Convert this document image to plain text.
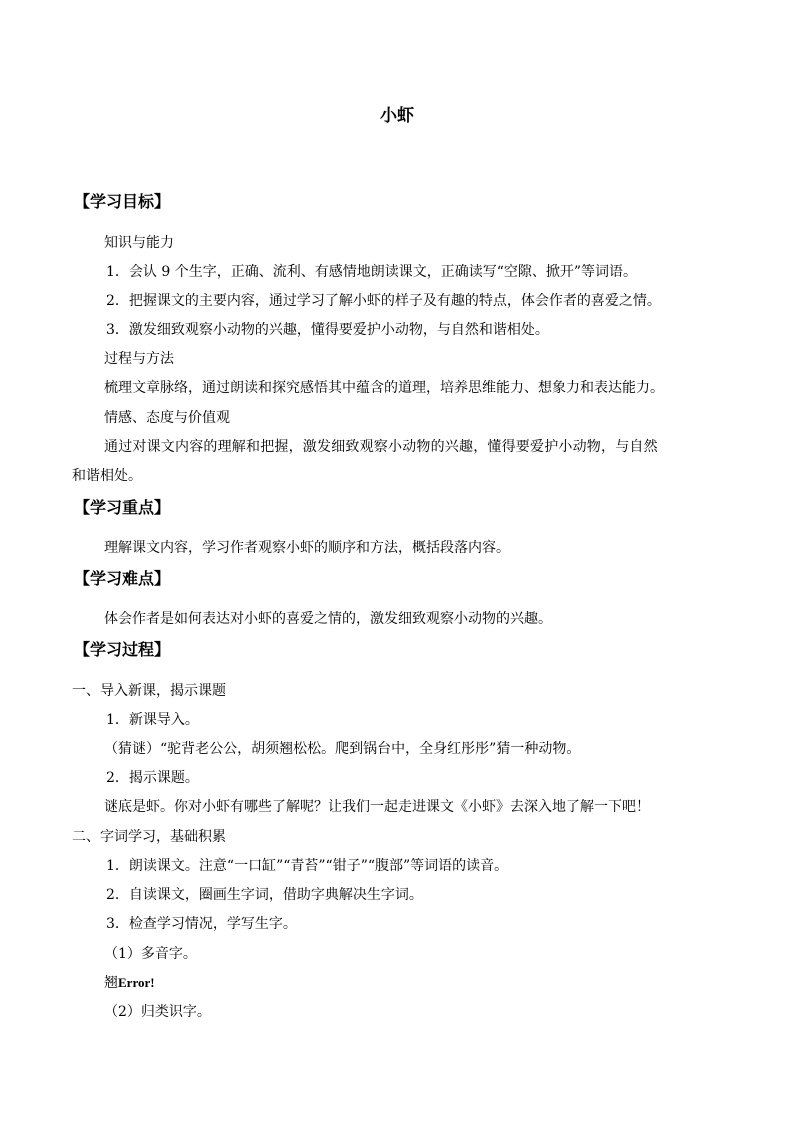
小虾
【学习目标】
知识与能力
1．会认 9 个生字，正确、流利、有感情地朗读课文，正确读写“空隙、掀开”等词语。
2．把握课文的主要内容，通过学习了解小虾的样子及有趣的特点，体会作者的喜爱之情。
3．激发细致观察小动物的兴趣，懂得要爱护小动物，与自然和谐相处。
过程与方法
梳理文章脉络，通过朗读和探究感悟其中蕴含的道理，培养思维能力、想象力和表达能力。
情感、态度与价值观
通过对课文内容的理解和把握，激发细致观察小动物的兴趣，懂得要爱护小动物，与自然
和谐相处。
【学习重点】
理解课文内容，学习作者观察小虾的顺序和方法，概括段落内容。
【学习难点】
体会作者是如何表达对小虾的喜爱之情的，激发细致观察小动物的兴趣。
【学习过程】
一、导入新课，揭示课题
1．新课导入。
（猜谜）“驼背老公公，胡须翘松松。爬到锅台中，全身红彤彤”猜一种动物。
2．揭示课题。
谜底是虾。你对小虾有哪些了解呢？让我们一起走进课文《小虾》去深入地了解一下吧！
二、字词学习，基础积累
1．朗读课文。注意“一口缸”“青苔”“钳子”“腹部”等词语的读音。
2．自读课文，圈画生字词，借助字典解决生字词。
3．检查学习情况，学写生字。
（1）多音字。
翘Error!
（2）归类识字。
